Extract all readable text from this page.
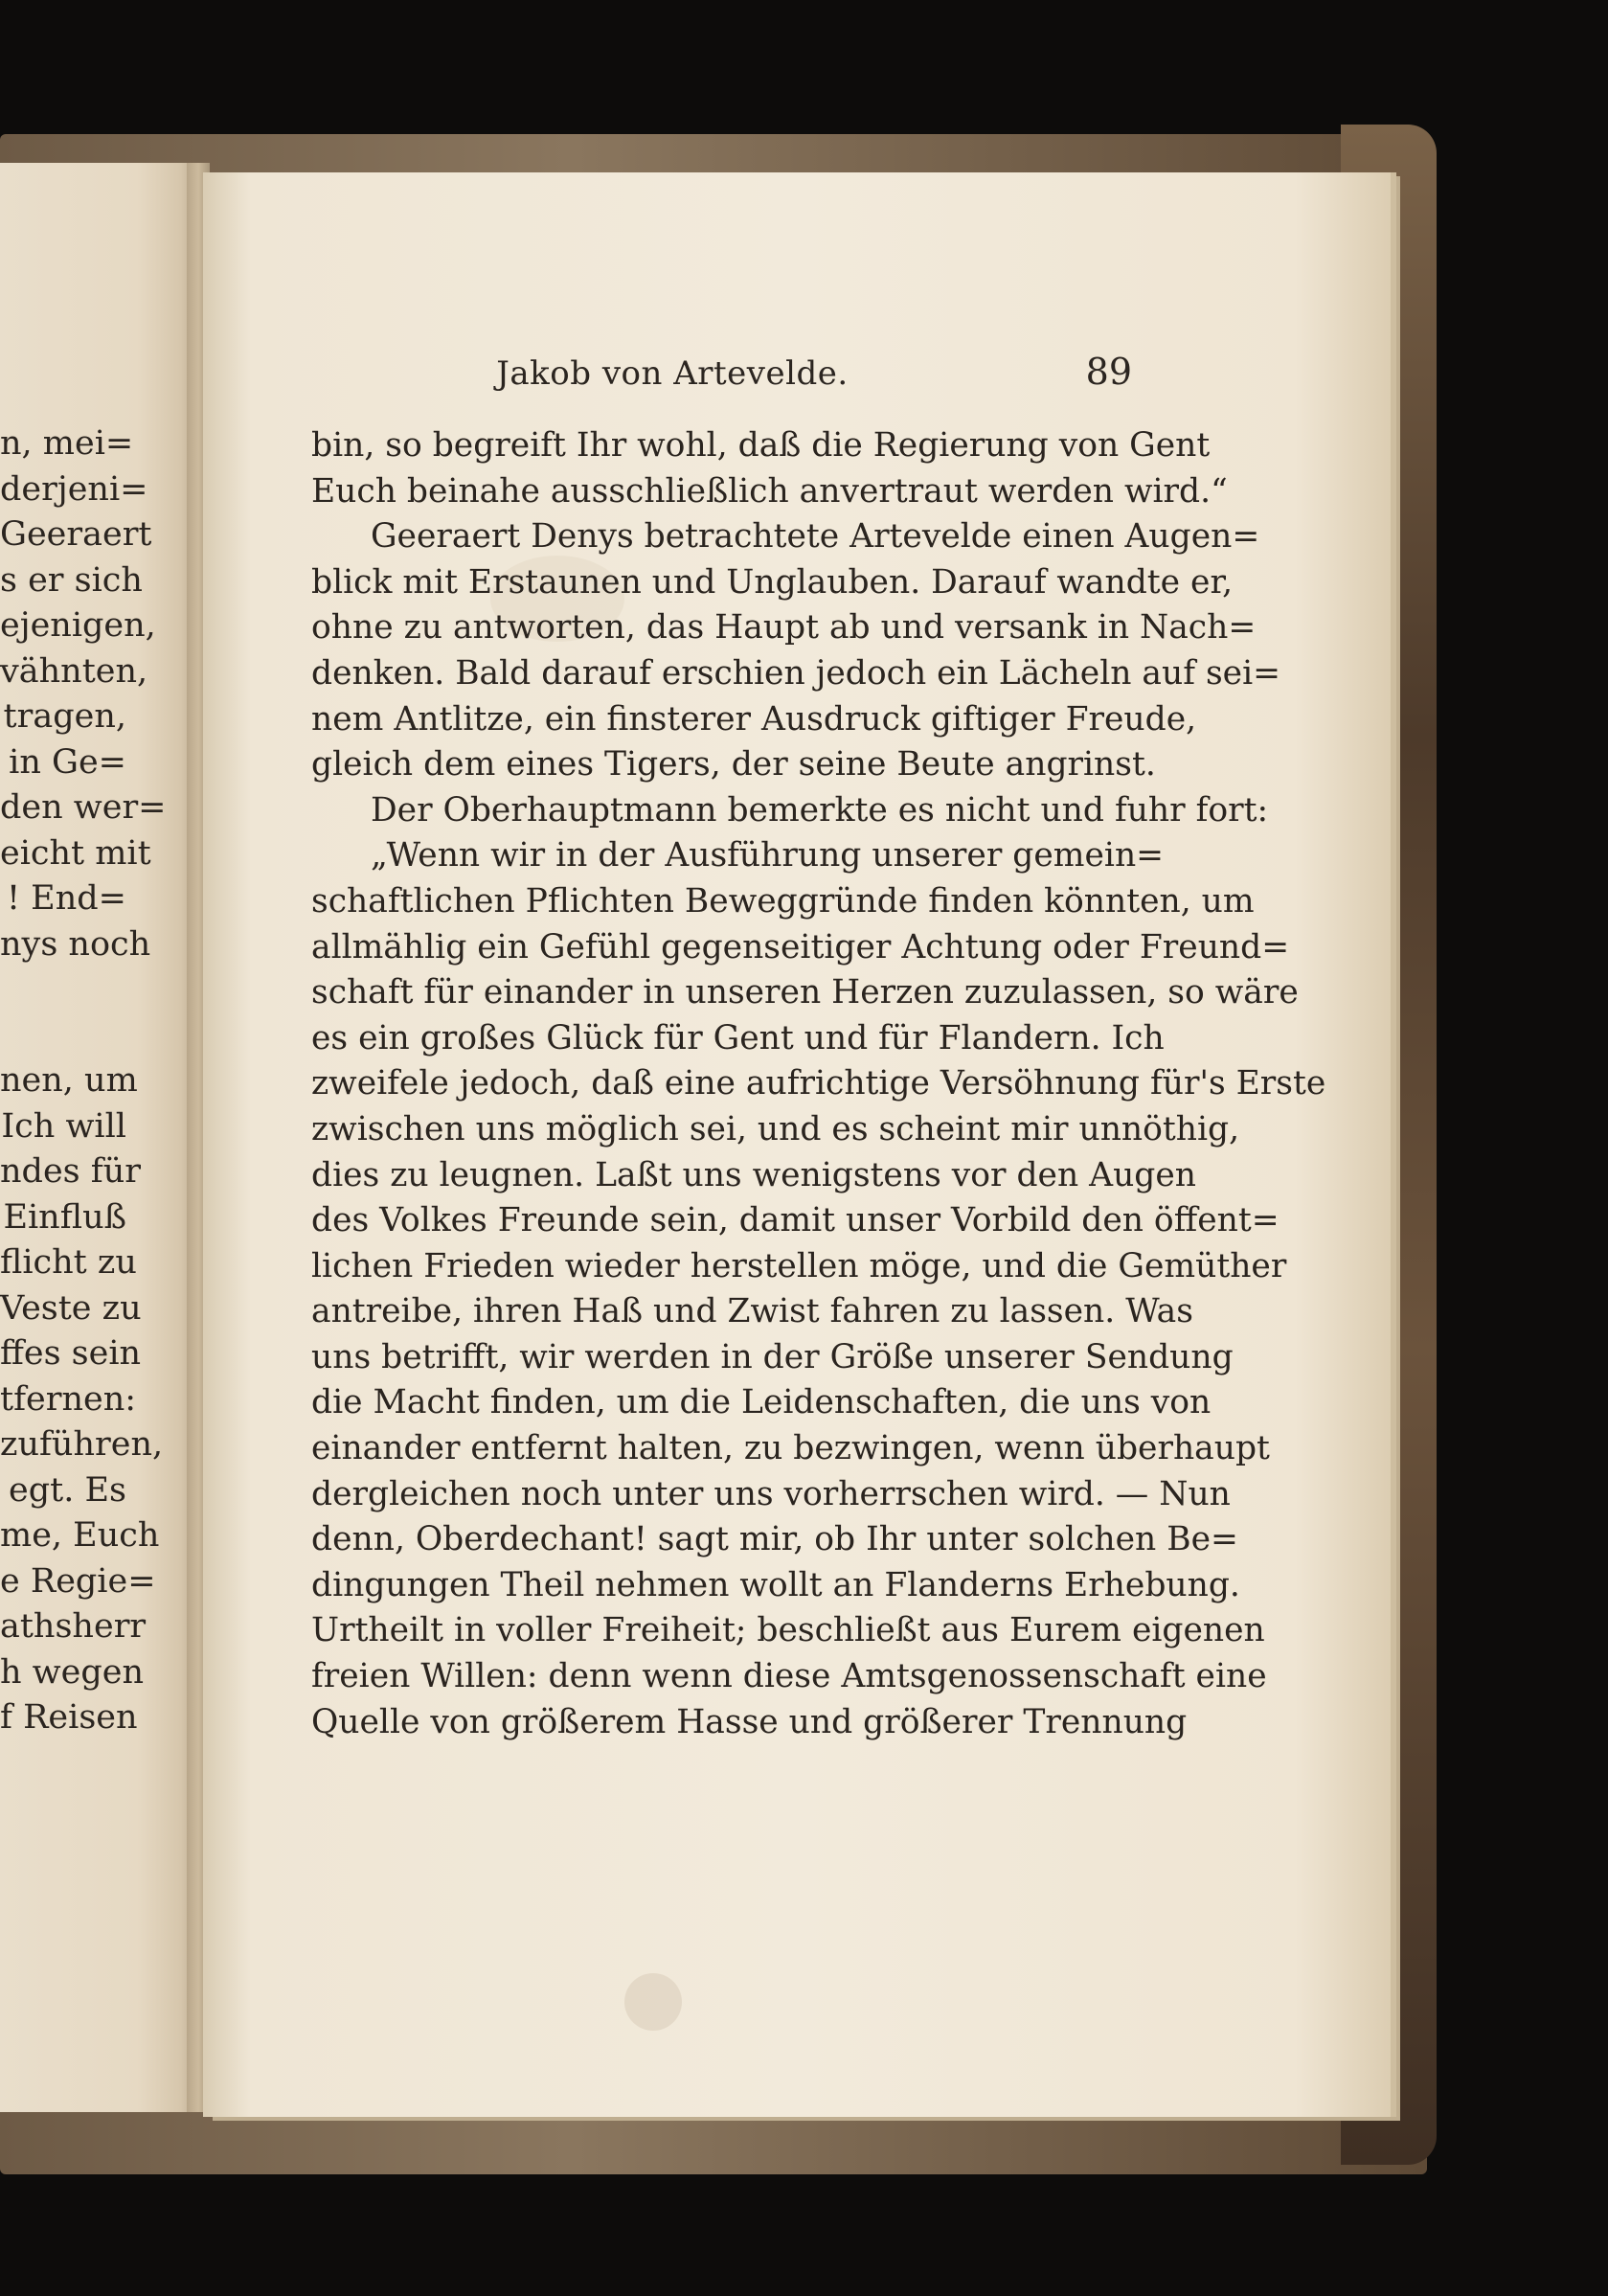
n, mei=
derjeni=
Geeraert
s er sich
ejenigen,
vähnten,
tragen,
in Ge=
den wer=
eicht mit
! End=
nys noch
nen, um
Ich will
ndes für
Einfluß
flicht zu
Veste zu
ffes sein
tfernen:
zuführen,
egt. Es
me, Euch
e Regie=
athsherr
h wegen
f Reisen
Jakob von Artevelde.	89
bin, so begreift Ihr wohl, daß die Regierung von Gent
Euch beinahe ausschließlich anvertraut werden wird.“
Geeraert Denys betrachtete Artevelde einen Augen=
blick mit Erstaunen und Unglauben. Darauf wandte er,
ohne zu antworten, das Haupt ab und versank in Nach=
denken. Bald darauf erschien jedoch ein Lächeln auf sei=
nem Antlitze, ein finsterer Ausdruck giftiger Freude,
gleich dem eines Tigers, der seine Beute angrinst.
Der Oberhauptmann bemerkte es nicht und fuhr fort:
„Wenn wir in der Ausführung unserer gemein=
schaftlichen Pflichten Beweggründe finden könnten, um
allmählig ein Gefühl gegenseitiger Achtung oder Freund=
schaft für einander in unseren Herzen zuzulassen, so wäre
es ein großes Glück für Gent und für Flandern. Ich
zweifele jedoch, daß eine aufrichtige Versöhnung für's Erste
zwischen uns möglich sei, und es scheint mir unnöthig,
dies zu leugnen. Laßt uns wenigstens vor den Augen
des Volkes Freunde sein, damit unser Vorbild den öffent=
lichen Frieden wieder herstellen möge, und die Gemüther
antreibe, ihren Haß und Zwist fahren zu lassen. Was
uns betrifft, wir werden in der Größe unserer Sendung
die Macht finden, um die Leidenschaften, die uns von
einander entfernt halten, zu bezwingen, wenn überhaupt
dergleichen noch unter uns vorherrschen wird. — Nun
denn, Oberdechant! sagt mir, ob Ihr unter solchen Be=
dingungen Theil nehmen wollt an Flanderns Erhebung.
Urtheilt in voller Freiheit; beschließt aus Eurem eigenen
freien Willen: denn wenn diese Amtsgenossenschaft eine
Quelle von größerem Hasse und größerer Trennung
